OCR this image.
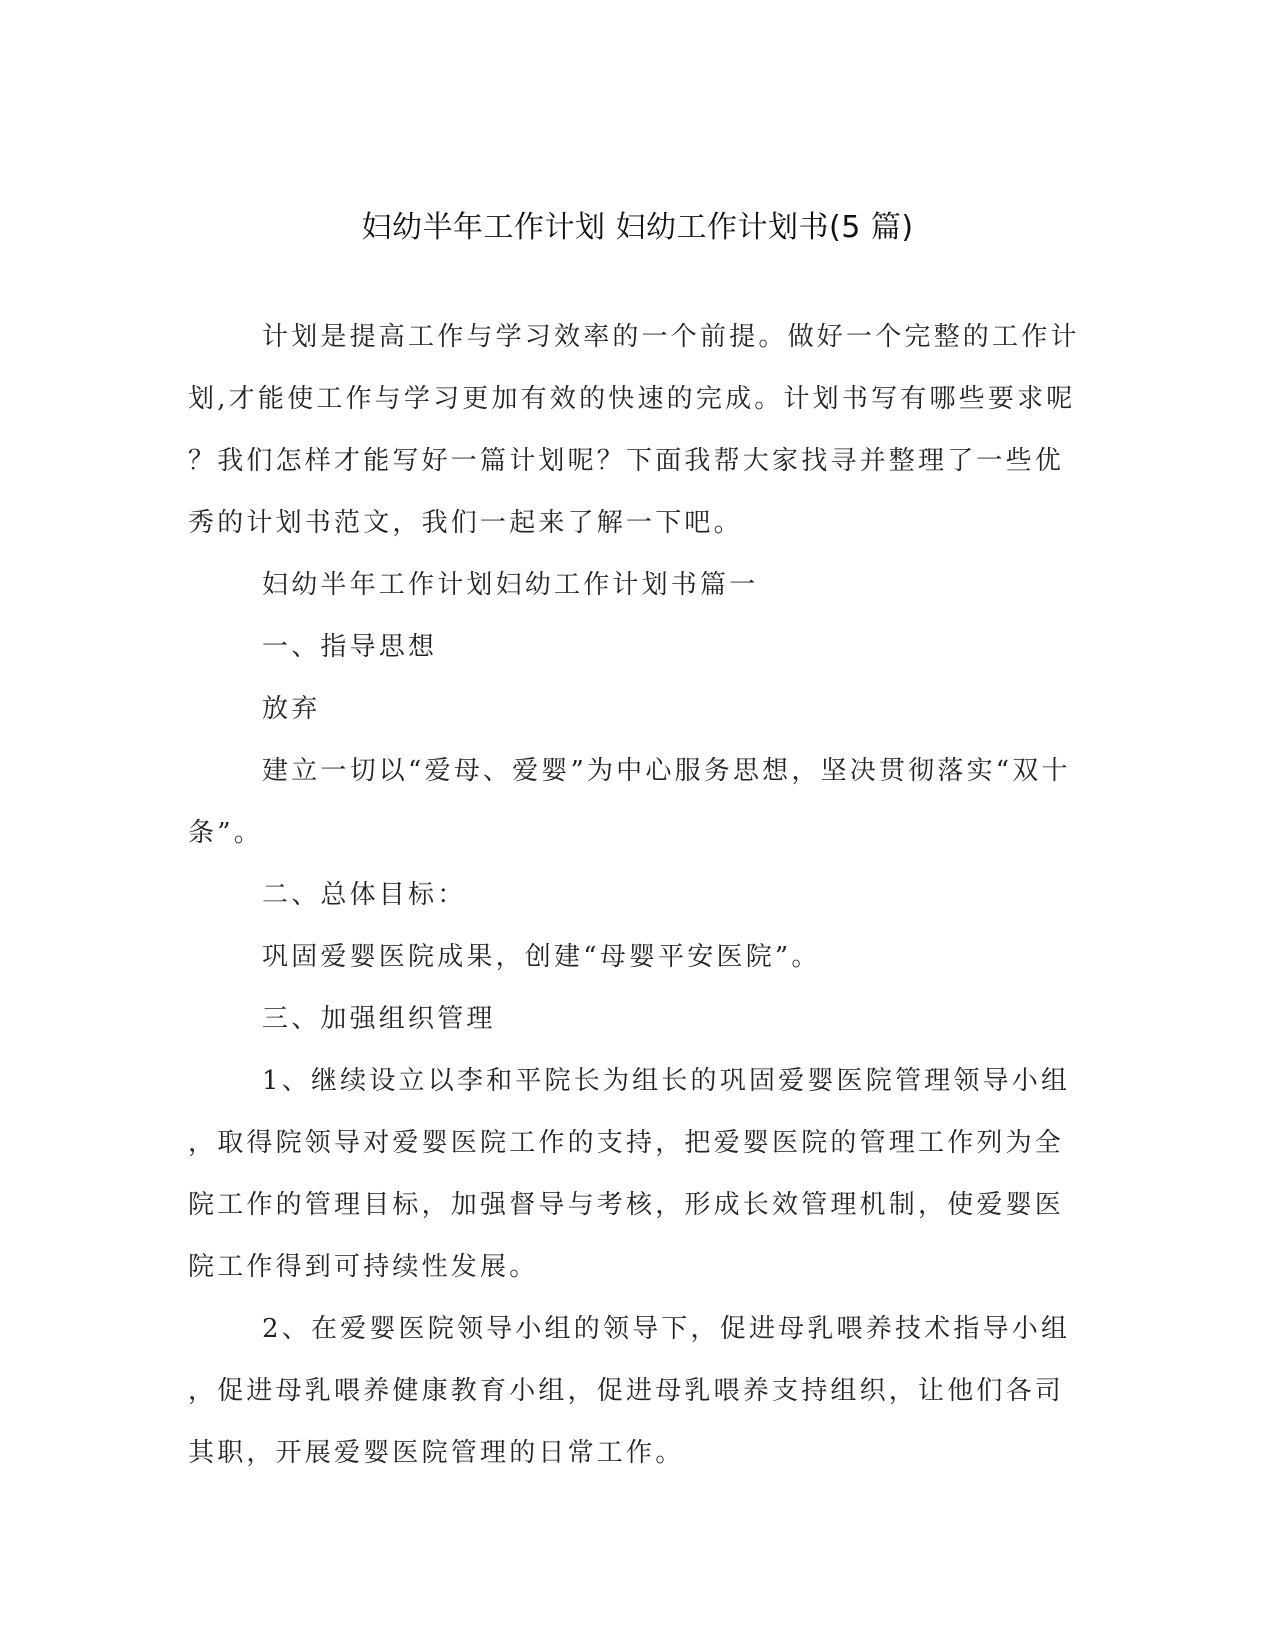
妇幼半年工作计划 妇幼工作计划书(5 篇)
计划是提高工作与学习效率的一个前提。做好一个完整的工作计
划,才能使工作与学习更加有效的快速的完成。计划书写有哪些要求呢
？我们怎样才能写好一篇计划呢？下面我帮大家找寻并整理了一些优
秀的计划书范文，我们一起来了解一下吧。
妇幼半年工作计划妇幼工作计划书篇一
一、指导思想
放弃
建立一切以“爱母、爱婴”为中心服务思想，坚决贯彻落实“双十
条”。
二、总体目标：
巩固爱婴医院成果，创建“母婴平安医院”。
三、加强组织管理
1、继续设立以李和平院长为组长的巩固爱婴医院管理领导小组
，取得院领导对爱婴医院工作的支持，把爱婴医院的管理工作列为全
院工作的管理目标，加强督导与考核，形成长效管理机制，使爱婴医
院工作得到可持续性发展。
2、在爱婴医院领导小组的领导下，促进母乳喂养技术指导小组
，促进母乳喂养健康教育小组，促进母乳喂养支持组织，让他们各司
其职，开展爱婴医院管理的日常工作。
